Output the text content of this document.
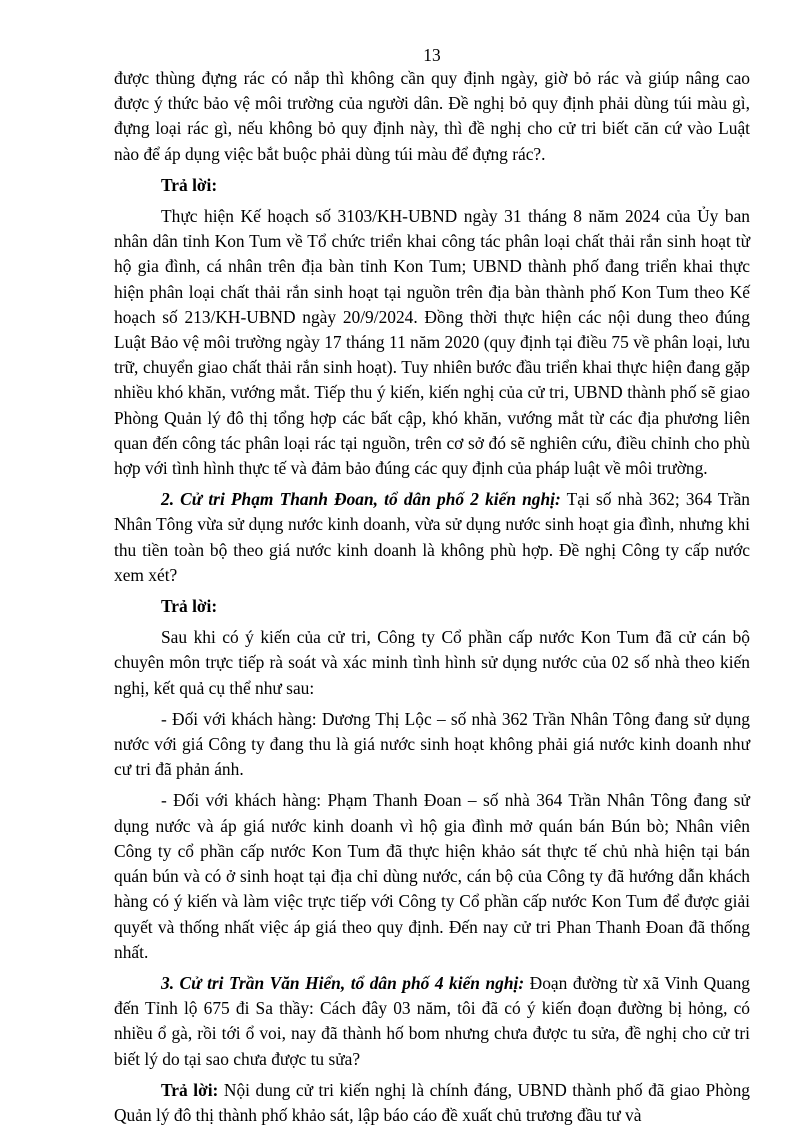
13

được thùng đựng rác có nắp thì không cần quy định ngày, giờ bỏ rác và giúp nâng cao được ý thức bảo vệ môi trường của người dân. Đề nghị bỏ quy định phải dùng túi màu gì, đựng loại rác gì, nếu không bỏ quy định này, thì đề nghị cho cử tri biết căn cứ vào Luật nào để áp dụng việc bắt buộc phải dùng túi màu để đựng rác?.

Trả lời:

Thực hiện Kế hoạch số 3103/KH-UBND ngày 31 tháng 8 năm 2024 của Ủy ban nhân dân tỉnh Kon Tum về Tổ chức triển khai công tác phân loại chất thải rắn sinh hoạt từ hộ gia đình, cá nhân trên địa bàn tỉnh Kon Tum; UBND thành phố đang triển khai thực hiện phân loại chất thải rắn sinh hoạt tại nguồn trên địa bàn thành phố Kon Tum theo Kế hoạch số 213/KH-UBND ngày 20/9/2024. Đồng thời thực hiện các nội dung theo đúng Luật Bảo vệ môi trường ngày 17 tháng 11 năm 2020 (quy định tại điều 75 về phân loại, lưu trữ, chuyển giao chất thải rắn sinh hoạt). Tuy nhiên bước đầu triển khai thực hiện đang gặp nhiều khó khăn, vướng mắt. Tiếp thu ý kiến, kiến nghị của cử tri, UBND thành phố sẽ giao Phòng Quản lý đô thị tổng hợp các bất cập, khó khăn, vướng mắt từ các địa phương liên quan đến công tác phân loại rác tại nguồn, trên cơ sở đó sẽ nghiên cứu, điều chỉnh cho phù hợp với tình hình thực tế và đảm bảo đúng các quy định của pháp luật về môi trường.

2. Cử tri Phạm Thanh Đoan, tổ dân phố 2 kiến nghị: Tại số nhà 362; 364 Trần Nhân Tông vừa sử dụng nước kinh doanh, vừa sử dụng nước sinh hoạt gia đình, nhưng khi thu tiền toàn bộ theo giá nước kinh doanh là không phù hợp. Đề nghị Công ty cấp nước xem xét?

Trả lời:

Sau khi có ý kiến của cử tri, Công ty Cổ phần cấp nước Kon Tum đã cử cán bộ chuyên môn trực tiếp rà soát và xác minh tình hình sử dụng nước của 02 số nhà theo kiến nghị, kết quả cụ thể như sau:

- Đối với khách hàng: Dương Thị Lộc – số nhà 362 Trần Nhân Tông đang sử dụng nước với giá Công ty đang thu là giá nước sinh hoạt không phải giá nước kinh doanh như cư tri đã phản ánh.

- Đối với khách hàng: Phạm Thanh Đoan – số nhà 364 Trần Nhân Tông đang sử dụng nước và áp giá nước kinh doanh vì hộ gia đình mở quán bán Bún bò; Nhân viên Công ty cổ phần cấp nước Kon Tum đã thực hiện khảo sát thực tế chủ nhà hiện tại bán quán bún và có ở sinh hoạt tại địa chỉ dùng nước, cán bộ của Công ty đã hướng dẫn khách hàng có ý kiến và làm việc trực tiếp với Công ty Cổ phần cấp nước Kon Tum để được giải quyết và thống nhất việc áp giá theo quy định. Đến nay cử tri Phan Thanh Đoan đã thống nhất.

3. Cử tri Trần Văn Hiển, tổ dân phố 4 kiến nghị: Đoạn đường từ xã Vinh Quang đến Tỉnh lộ 675 đi Sa thầy: Cách đây 03 năm, tôi đã có ý kiến đoạn đường bị hỏng, có nhiều ổ gà, rồi tới ổ voi, nay đã thành hố bom nhưng chưa được tu sửa, đề nghị cho cử tri biết lý do tại sao chưa được tu sửa?

Trả lời: Nội dung cử tri kiến nghị là chính đáng, UBND thành phố đã giao Phòng Quản lý đô thị thành phố khảo sát, lập báo cáo đề xuất chủ trương đầu tư và
